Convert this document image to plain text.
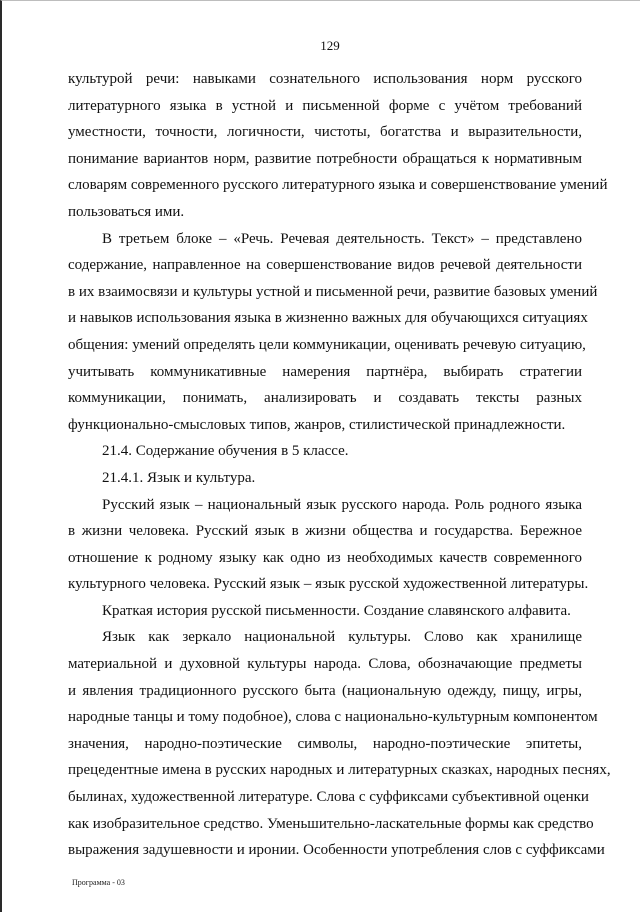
129
культурой речи: навыками сознательного использования норм русского
литературного языка в устной и письменной форме с учётом требований
уместности, точности, логичности, чистоты, богатства и выразительности,
понимание вариантов норм, развитие потребности обращаться к нормативным
словарям современного русского литературного языка и совершенствование умений
пользоваться ими.
В третьем блоке – «Речь. Речевая деятельность. Текст» – представлено
содержание, направленное на совершенствование видов речевой деятельности
в их взаимосвязи и культуры устной и письменной речи, развитие базовых умений
и навыков использования языка в жизненно важных для обучающихся ситуациях
общения: умений определять цели коммуникации, оценивать речевую ситуацию,
учитывать коммуникативные намерения партнёра, выбирать стратегии
коммуникации, понимать, анализировать и создавать тексты разных
функционально-смысловых типов, жанров, стилистической принадлежности.
21.4. Содержание обучения в 5 классе.
21.4.1. Язык и культура.
Русский язык – национальный язык русского народа. Роль родного языка
в жизни человека. Русский язык в жизни общества и государства. Бережное
отношение к родному языку как одно из необходимых качеств современного
культурного человека. Русский язык – язык русской художественной литературы.
Краткая история русской письменности. Создание славянского алфавита.
Язык как зеркало национальной культуры. Слово как хранилище
материальной и духовной культуры народа. Слова, обозначающие предметы
и явления традиционного русского быта (национальную одежду, пищу, игры,
народные танцы и тому подобное), слова с национально-культурным компонентом
значения, народно-поэтические символы, народно-поэтические эпитеты,
прецедентные имена в русских народных и литературных сказках, народных песнях,
былинах, художественной литературе. Слова с суффиксами субъективной оценки
как изобразительное средство. Уменьшительно-ласкательные формы как средство
выражения задушевности и иронии. Особенности употребления слов с суффиксами
Программа - 03
